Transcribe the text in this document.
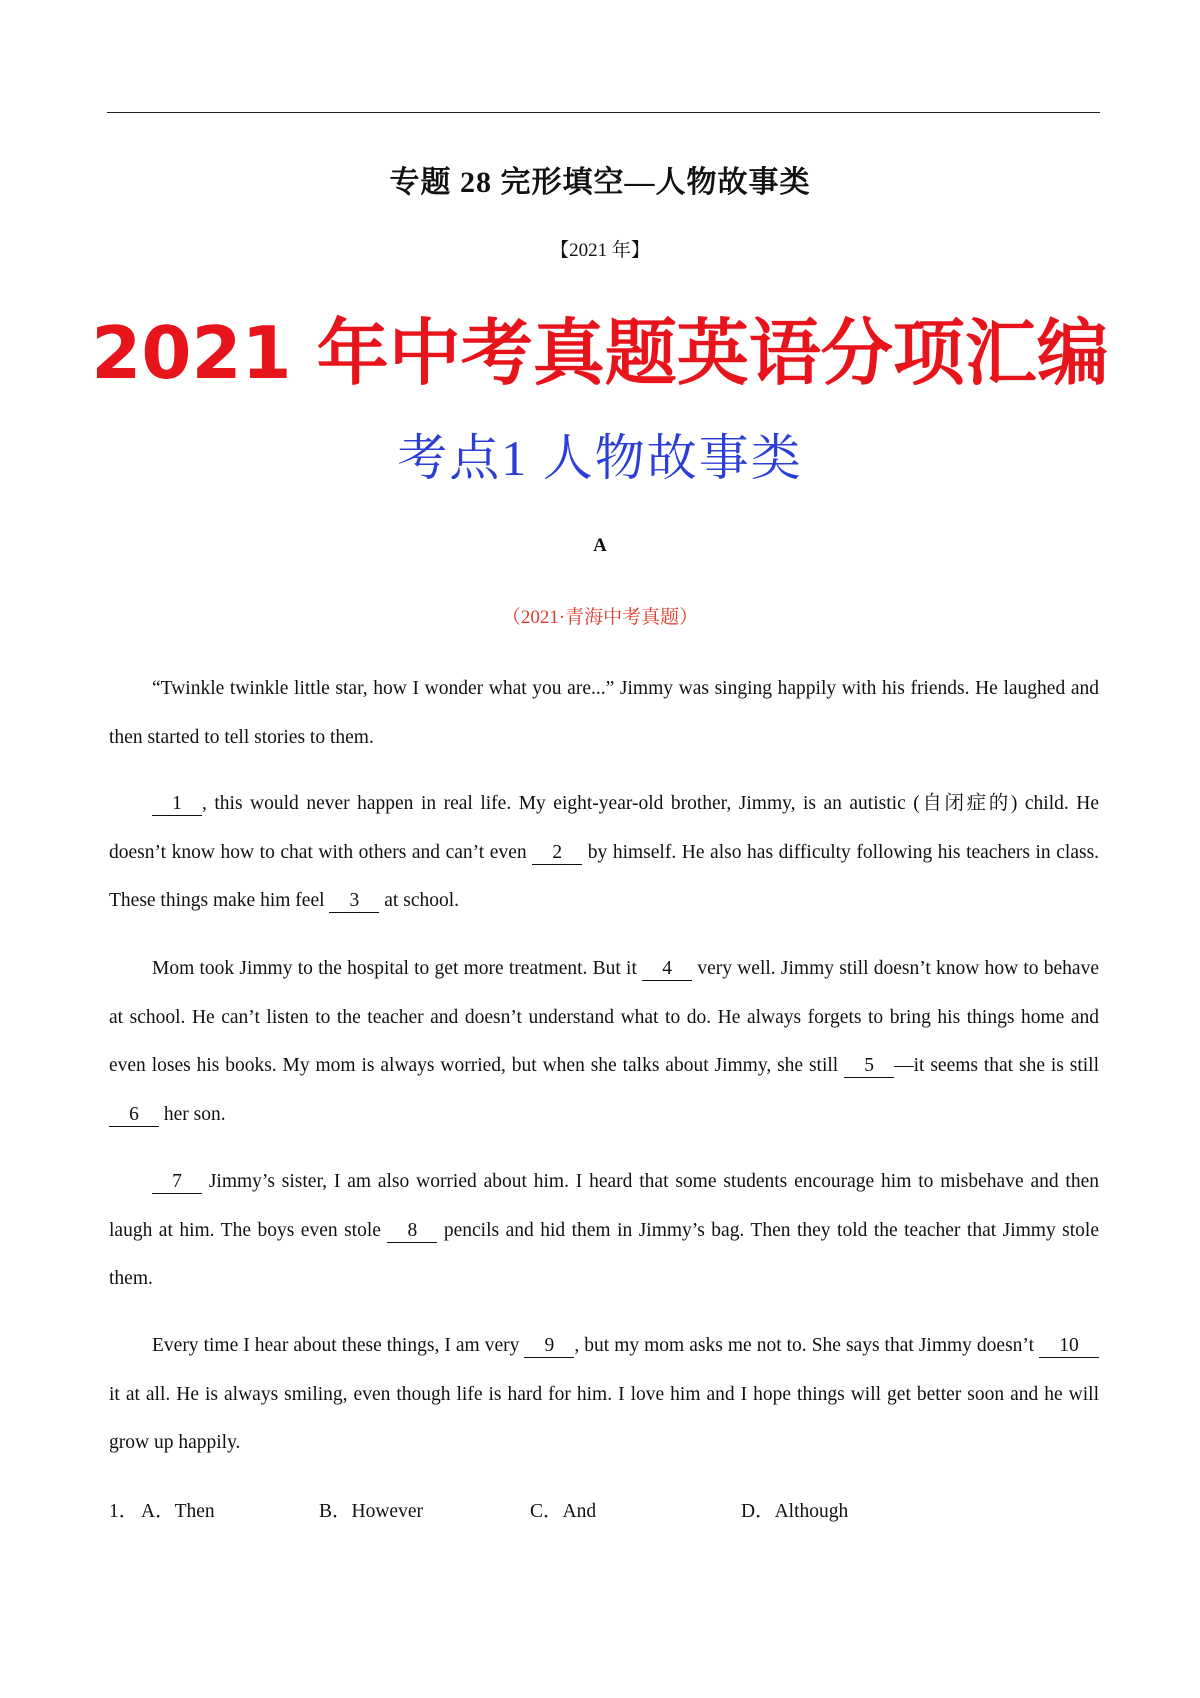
专题 28 完形填空—人物故事类
【2021 年】
2021 年中考真题英语分项汇编
考点1 人物故事类
A
（2021·青海中考真题）

“Twinkle twinkle little star, how I wonder what you are...” Jimmy was singing happily with his friends. He laughed and then started to tell stories to them.

1 , this would never happen in real life. My eight-year-old brother, Jimmy, is an autistic (自闭症的) child. He doesn’t know how to chat with others and can’t even 2 by himself. He also has difficulty following his teachers in class. These things make him feel 3 at school.

Mom took Jimmy to the hospital to get more treatment. But it 4 very well. Jimmy still doesn’t know how to behave at school. He can’t listen to the teacher and doesn’t understand what to do. He always forgets to bring his things home and even loses his books. My mom is always worried, but when she talks about Jimmy, she still 5 —it seems that she is still 6 her son.

7 Jimmy’s sister, I am also worried about him. I heard that some students encourage him to misbehave and then laugh at him. The boys even stole 8 pencils and hid them in Jimmy’s bag. Then they told the teacher that Jimmy stole them.

Every time I hear about these things, I am very 9 , but my mom asks me not to. She says that Jimmy doesn’t 10 it at all. He is always smiling, even though life is hard for him. I love him and I hope things will get better soon and he will grow up happily.

1． A．Then	B．However	C．And	D．Although
